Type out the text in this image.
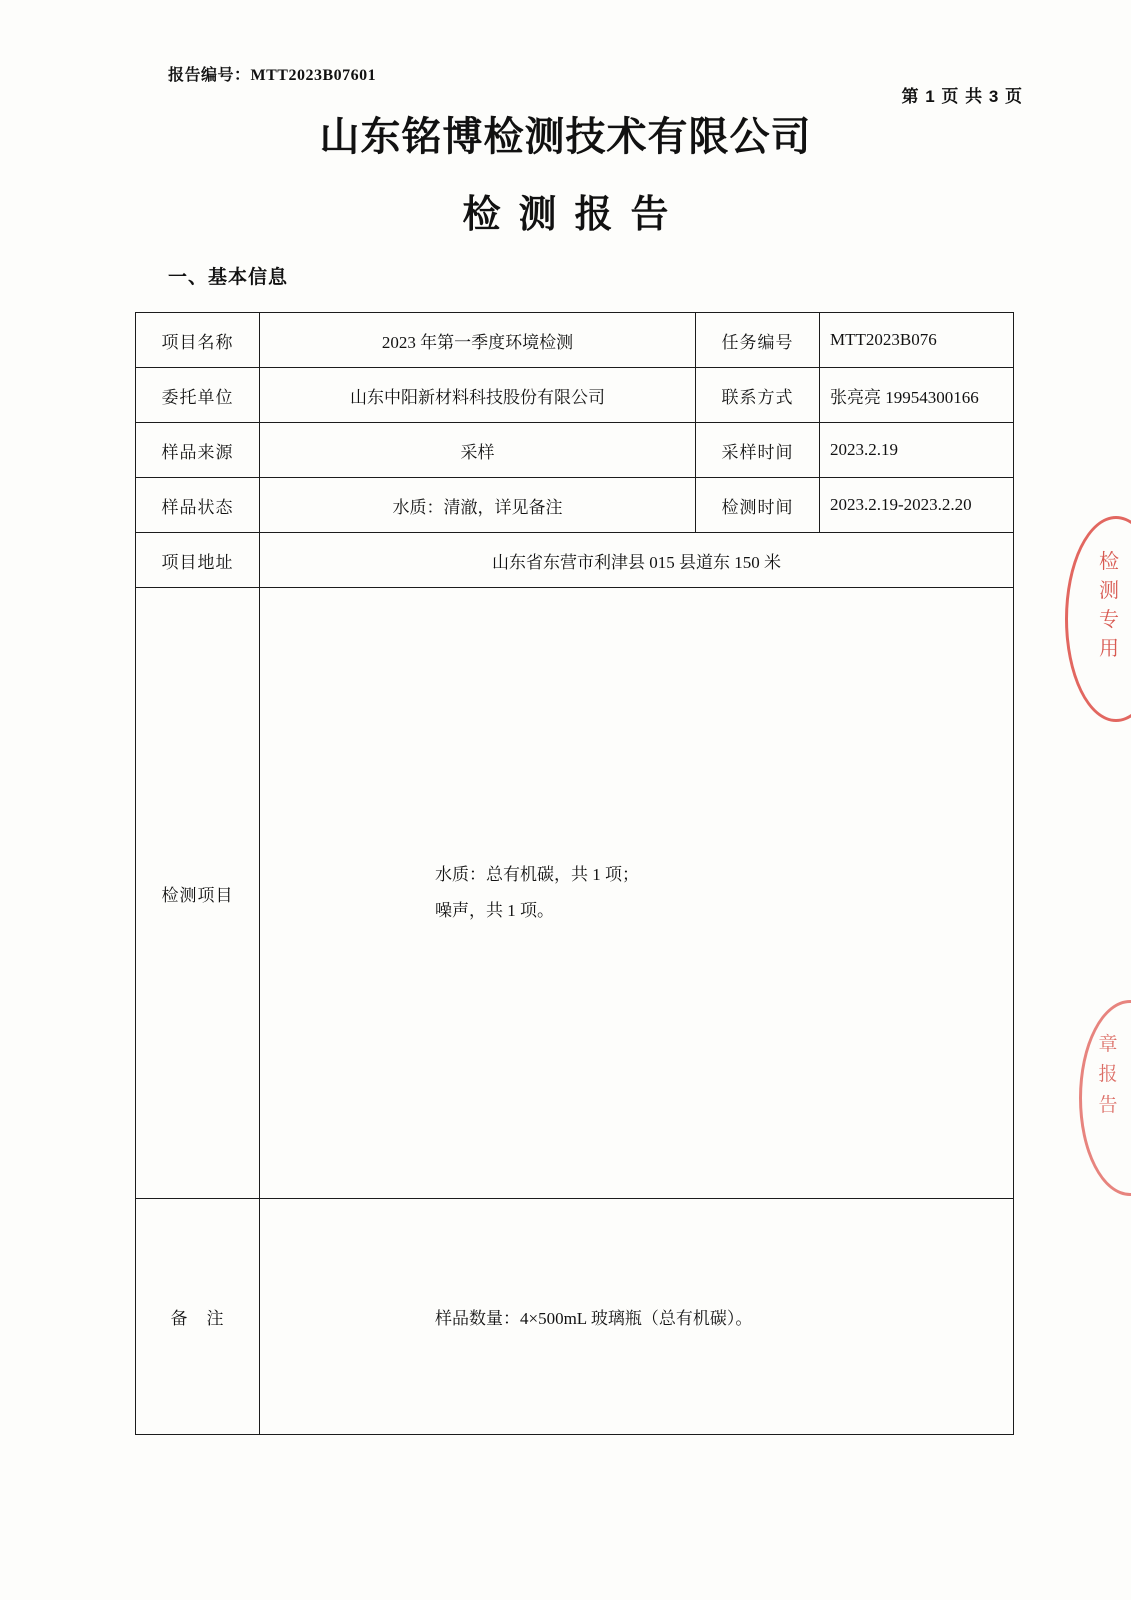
报告编号：MTT2023B07601
第 1 页 共 3 页
山东铭博检测技术有限公司
检测报告
一、基本信息
项目名称	2023 年第一季度环境检测	任务编号	MTT2023B076
委托单位	山东中阳新材料科技股份有限公司	联系方式	张亮亮 19954300166
样品来源	采样	采样时间	2023.2.19
样品状态	水质：清澈，详见备注	检测时间	2023.2.19-2023.2.20
项目地址	山东省东营市利津县 015 县道东 150 米		
检测项目	水质：总有机碳，共 1 项；
噪声，共 1 项。		

备　注	样品数量：4×500mL 玻璃瓶（总有机碳）。		
检测专用
章报告
